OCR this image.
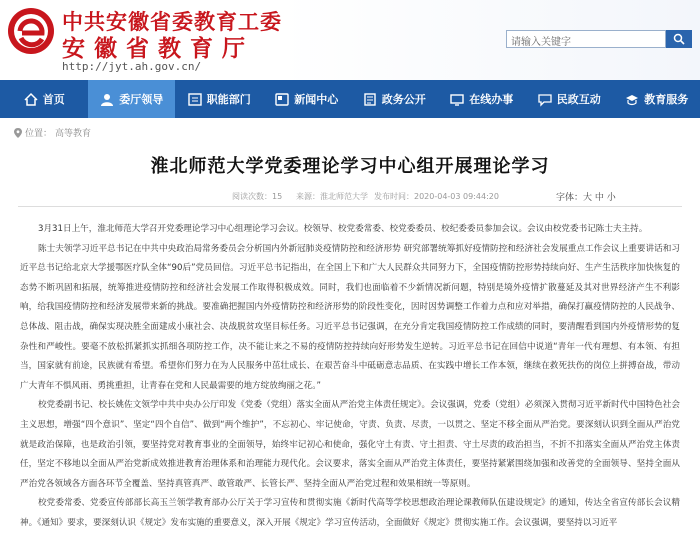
中共安徽省委教育工委
安徽省教育厅
http://jyt.ah.gov.cn/
请输入关键字
首页	委厅领导	职能部门	新闻中心	政务公开	在线办事	民政互动	教育服务
位置： 高等教育
淮北师范大学党委理论学习中心组开展理论学习
阅读次数：15 来源：淮北师范大学 发布时间：2020-04-03 09:44:20	字体：大 中 小

3月31日上午，淮北师范大学召开党委理论学习中心组理论学习会议。校领导、校党委常委、校党委委员、校纪委委员参加会议。会议由校党委书记陈士夫主持。

陈士夫领学习近平总书记在中共中央政治局常务委员会分析国内外新冠肺炎疫情防控和经济形势 研究部署统筹抓好疫情防控和经济社会发展重点工作会议上重要讲话和习近平总书记给北京大学援鄂医疗队全体“90后”党员回信。习近平总书记指出，在全国上下和广大人民群众共同努力下，全国疫情防控形势持续向好、生产生活秩序加快恢复的态势不断巩固和拓展，统筹推进疫情防控和经济社会发展工作取得积极成效。同时，我们也面临着不少新情况新问题，特别是境外疫情扩散蔓延及其对世界经济产生不利影响，给我国疫情防控和经济发展带来新的挑战。要准确把握国内外疫情防控和经济形势的阶段性变化，因时因势调整工作着力点和应对举措，确保打赢疫情防控的人民战争、总体战、阻击战，确保实现决胜全面建成小康社会、决战脱贫攻坚目标任务。习近平总书记强调，在充分肯定我国疫情防控工作成绩的同时，要清醒看到国内外疫情形势的复杂性和严峻性。要毫不放松抓紧抓实抓细各项防控工作，决不能让来之不易的疫情防控持续向好形势发生逆转。习近平总书记在回信中说道“青年一代有理想、有本领、有担当，国家就有前途，民族就有希望。希望你们努力在为人民服务中茁壮成长、在艰苦奋斗中砥砺意志品质、在实践中增长工作本领，继续在救死扶伤的岗位上拼搏奋战，带动广大青年不惧风雨、勇挑重担，让青春在党和人民最需要的地方绽放绚丽之花。”

校党委副书记、校长姚佐文领学中共中央办公厅印发《党委（党组）落实全面从严治党主体责任规定》。会议强调，党委（党组）必须深入贯彻习近平新时代中国特色社会主义思想，增强“四个意识”、坚定“四个自信”、做到“两个维护”，不忘初心、牢记使命，守责、负责、尽责，一以贯之、坚定不移全面从严治党。要深刻认识到全面从严治党就是政治保障，也是政治引领，要坚持党对教育事业的全面领导，始终牢记初心和使命，强化守土有责、守土担责、守土尽责的政治担当，不折不扣落实全面从严治党主体责任，坚定不移地以全面从严治党新成效推进教育治理体系和治理能力现代化。会议要求，落实全面从严治党主体责任，要坚持紧紧围绕加强和改善党的全面领导、坚持全面从严治党各领域各方面各环节全覆盖、坚持真管真严、敢管敢严、长管长严、坚持全面从严治党过程和效果相统一等原则。

校党委常委、党委宣传部部长高玉兰领学教育部办公厅关于学习宣传和贯彻实施《新时代高等学校思想政治理论课教师队伍建设规定》的通知，传达全省宣传部长会议精神。《通知》要求，要深刻认识《规定》发布实施的重要意义，深入开展《规定》学习宣传活动，全面做好《规定》贯彻实施工作。会议强调，要坚持以习近平
